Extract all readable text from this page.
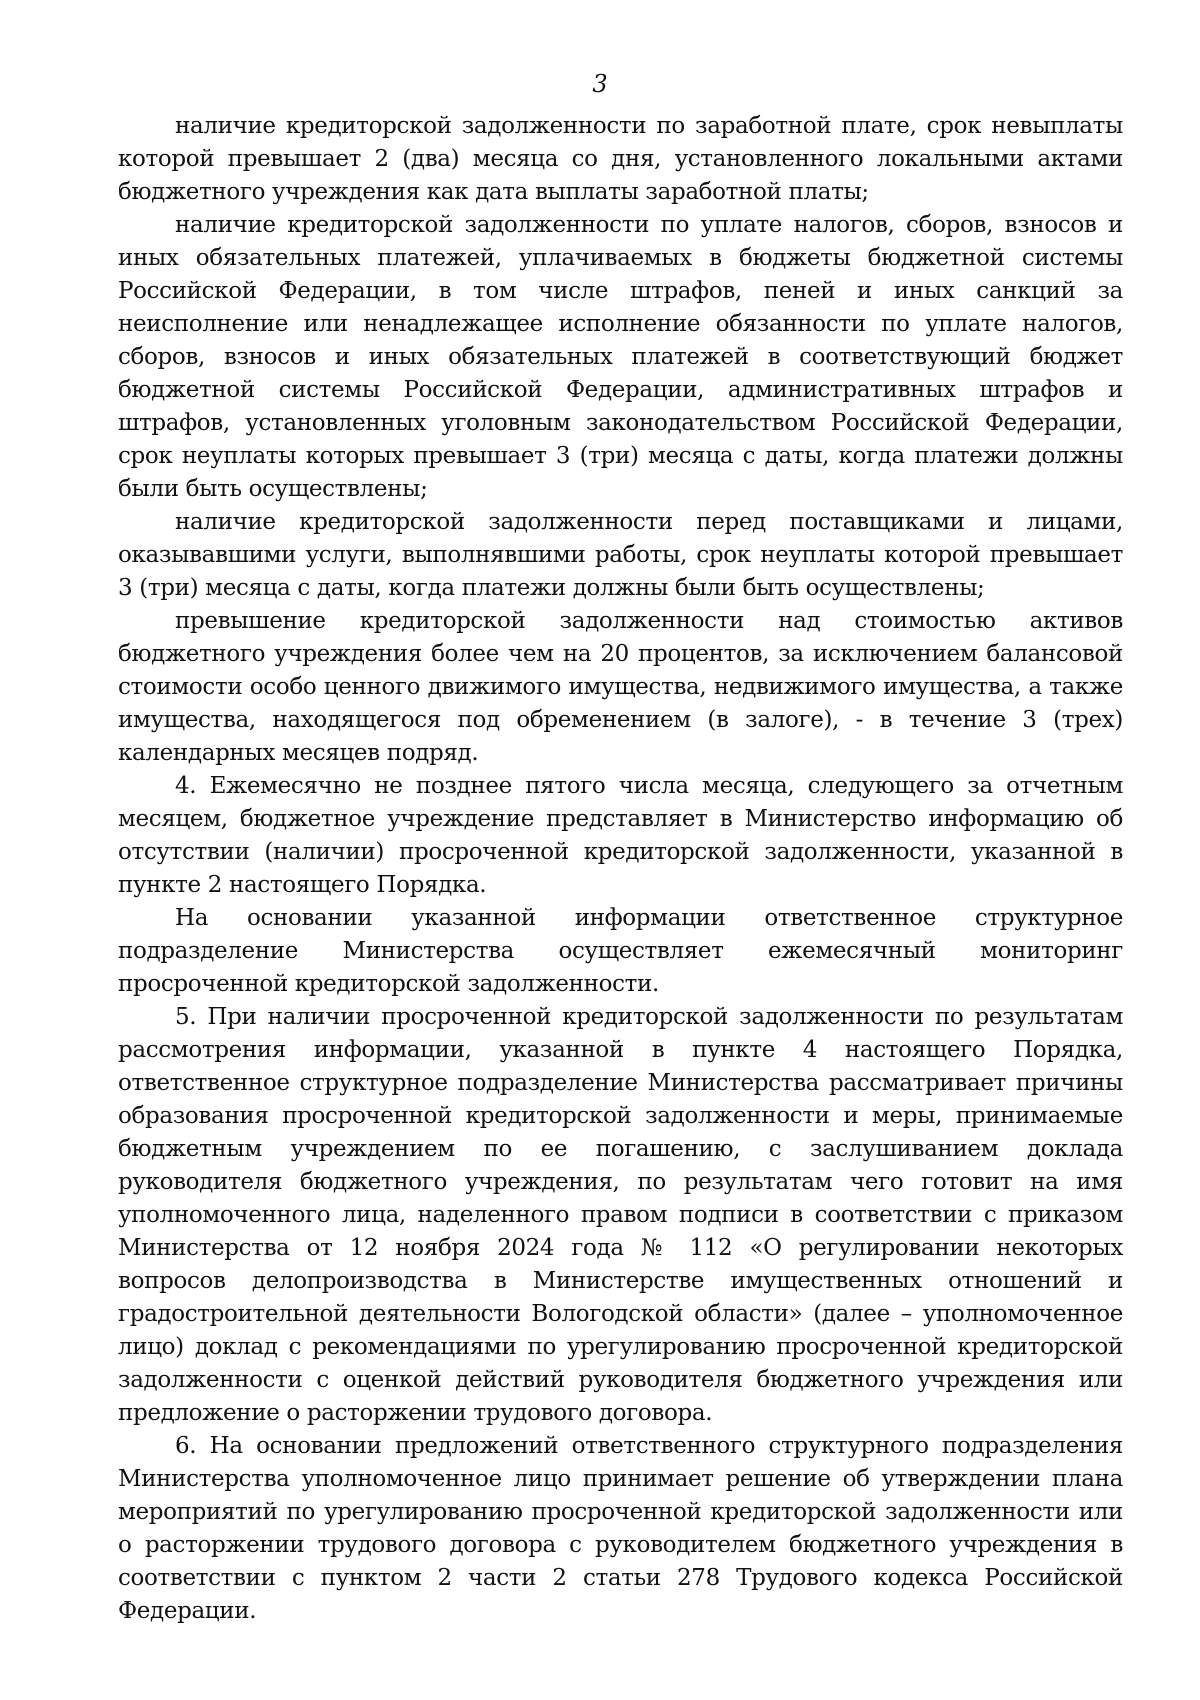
3

наличие кредиторской задолженности по заработной плате, срок невыплаты которой превышает 2 (два) месяца со дня, установленного локальными актами бюджетного учреждения как дата выплаты заработной платы;

наличие кредиторской задолженности по уплате налогов, сборов, взносов и иных обязательных платежей, уплачиваемых в бюджеты бюджетной системы Российской Федерации, в том числе штрафов, пеней и иных санкций за неисполнение или ненадлежащее исполнение обязанности по уплате налогов, сборов, взносов и иных обязательных платежей в соответствующий бюджет бюджетной системы Российской Федерации, административных штрафов и штрафов, установленных уголовным законодательством Российской Федерации, срок неуплаты которых превышает 3 (три) месяца с даты, когда платежи должны были быть осуществлены;

наличие кредиторской задолженности перед поставщиками и лицами, оказывавшими услуги, выполнявшими работы, срок неуплаты которой превышает 3 (три) месяца с даты, когда платежи должны были быть осуществлены;

превышение кредиторской задолженности над стоимостью активов бюджетного учреждения более чем на 20 процентов, за исключением балансовой стоимости особо ценного движимого имущества, недвижимого имущества, а также имущества, находящегося под обременением (в залоге), - в течение 3 (трех) календарных месяцев подряд.

4. Ежемесячно не позднее пятого числа месяца, следующего за отчетным месяцем, бюджетное учреждение представляет в Министерство информацию об отсутствии (наличии) просроченной кредиторской задолженности, указанной в пункте 2 настоящего Порядка.

На основании указанной информации ответственное структурное подразделение Министерства осуществляет ежемесячный мониторинг просроченной кредиторской задолженности.

5. При наличии просроченной кредиторской задолженности по результатам рассмотрения информации, указанной в пункте 4 настоящего Порядка, ответственное структурное подразделение Министерства рассматривает причины образования просроченной кредиторской задолженности и меры, принимаемые бюджетным учреждением по ее погашению, с заслушиванием доклада руководителя бюджетного учреждения, по результатам чего готовит на имя уполномоченного лица, наделенного правом подписи в соответствии с приказом Министерства от 12 ноября 2024 года № 112 «О регулировании некоторых вопросов делопроизводства в Министерстве имущественных отношений и градостроительной деятельности Вологодской области» (далее – уполномоченное лицо) доклад с рекомендациями по урегулированию просроченной кредиторской задолженности с оценкой действий руководителя бюджетного учреждения или предложение о расторжении трудового договора.

6. На основании предложений ответственного структурного подразделения Министерства уполномоченное лицо принимает решение об утверждении плана мероприятий по урегулированию просроченной кредиторской задолженности или о расторжении трудового договора с руководителем бюджетного учреждения в соответствии с пунктом 2 части 2 статьи 278 Трудового кодекса Российской Федерации.
